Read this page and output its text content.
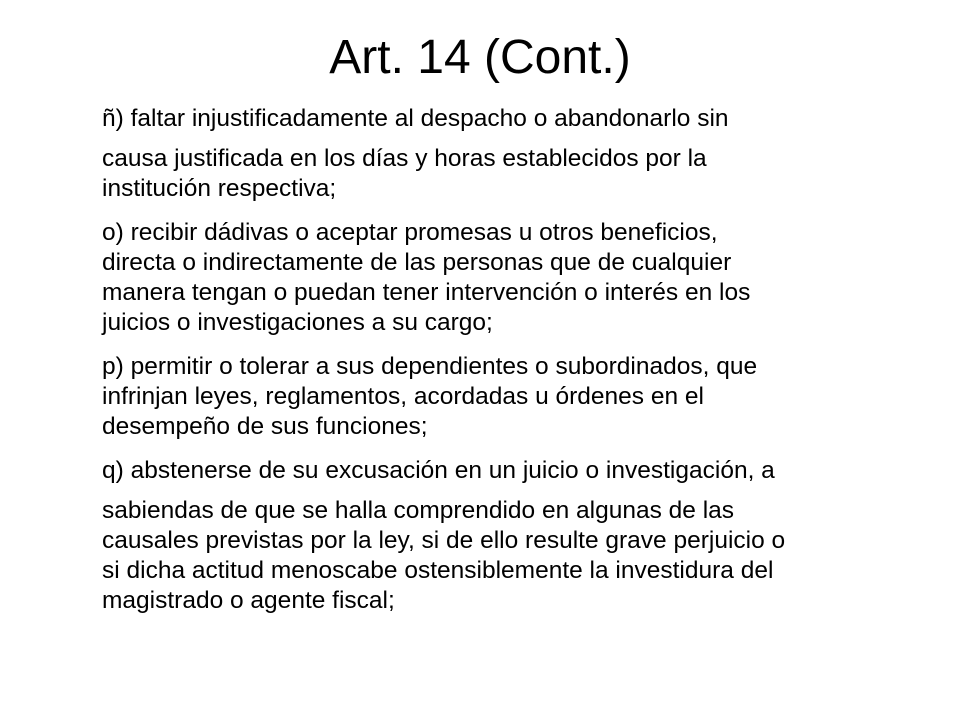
Art. 14 (Cont.)
ñ) faltar injustificadamente al despacho o abandonarlo sin
causa justificada en los días y horas establecidos por la
institución respectiva;
o) recibir dádivas o aceptar promesas u otros beneficios,
directa o indirectamente de las personas que de cualquier
manera tengan o puedan tener intervención o interés en los
juicios o investigaciones a su cargo;
p) permitir o tolerar a sus dependientes o subordinados, que
infrinjan leyes, reglamentos, acordadas u órdenes en el
desempeño de sus funciones;
q) abstenerse de su excusación en un juicio o investigación, a
sabiendas de que se halla comprendido en algunas de las
causales previstas por la ley, si de ello resulte grave perjuicio o
si dicha actitud menoscabe ostensiblemente la investidura del
magistrado o agente fiscal;
